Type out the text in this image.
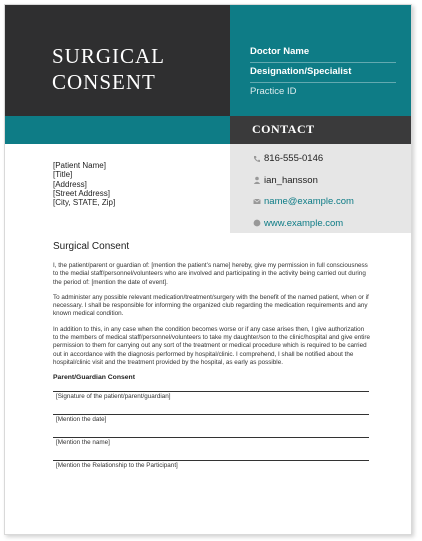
SURGICAL
CONSENT
Doctor Name
Designation/Specialist
Practice ID
CONTACT
816-555-0146
ian_hansson
name@example.com
www.example.com
[Patient Name]
[Title]
[Address]
[Street Address]
[City, STATE, Zip]
Surgical Consent

I, the patient/parent or guardian of: [mention the patient’s name] hereby, give my permission in full consciousness to the medial staff/personnel/volunteers who are involved and participating in the activity being carried out during the period of: [mention the date of event].

To administer any possible relevant medication/treatment/surgery with the benefit of the named patient, when or if necessary. I shall be responsible for informing the organized club regarding the medication requirements and any known medical condition.

In addition to this, in any case when the condition becomes worse or if any case arises then, I give authorization to the members of medical staff/personnel/volunteers to take my daughter/son to the clinic/hospital and give entire permission to them for carrying out any sort of the treatment or medical procedure which is required to be carried out in accordance with the diagnosis performed by hospital/clinic. I comprehend, I shall be notified about the hospital/clinic visit and the treatment provided by the hospital, as early as possible.

Parent/Guardian Consent
[Signature of the patient/parent/guardian]
[Mention the date]
[Mention the name]
[Mention the Relationship to the Participant]
